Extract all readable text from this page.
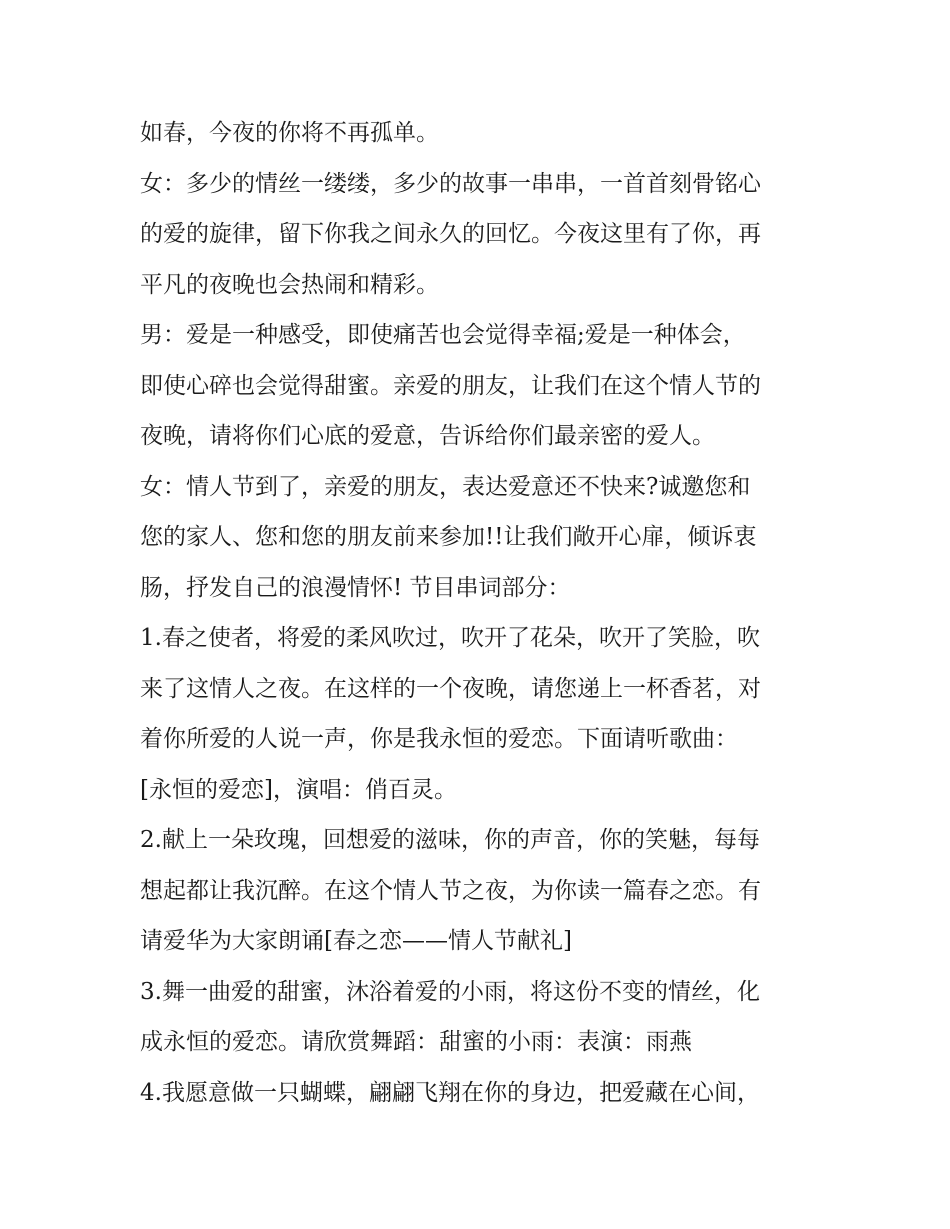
如春，今夜的你将不再孤单。
女：多少的情丝一缕缕，多少的故事一串串，一首首刻骨铭心
的爱的旋律，留下你我之间永久的回忆。今夜这里有了你，再
平凡的夜晚也会热闹和精彩。
男：爱是一种感受，即使痛苦也会觉得幸福;爱是一种体会，
即使心碎也会觉得甜蜜。亲爱的朋友，让我们在这个情人节的
夜晚，请将你们心底的爱意，告诉给你们最亲密的爱人。
女：情人节到了，亲爱的朋友，表达爱意还不快来?诚邀您和
您的家人、您和您的朋友前来参加!!让我们敞开心扉，倾诉衷
肠，抒发自己的浪漫情怀! 节目串词部分：
1.春之使者，将爱的柔风吹过，吹开了花朵，吹开了笑脸，吹
来了这情人之夜。在这样的一个夜晚，请您递上一杯香茗，对
着你所爱的人说一声，你是我永恒的爱恋。下面请听歌曲：
[永恒的爱恋]，演唱：俏百灵。
2.献上一朵玫瑰，回想爱的滋味，你的声音，你的笑魅，每每
想起都让我沉醉。在这个情人节之夜，为你读一篇春之恋。有
请爱华为大家朗诵[春之恋——情人节献礼]
3.舞一曲爱的甜蜜，沐浴着爱的小雨，将这份不变的情丝，化
成永恒的爱恋。请欣赏舞蹈：甜蜜的小雨：表演：雨燕
4.我愿意做一只蝴蝶，翩翩飞翔在你的身边，把爱藏在心间，
